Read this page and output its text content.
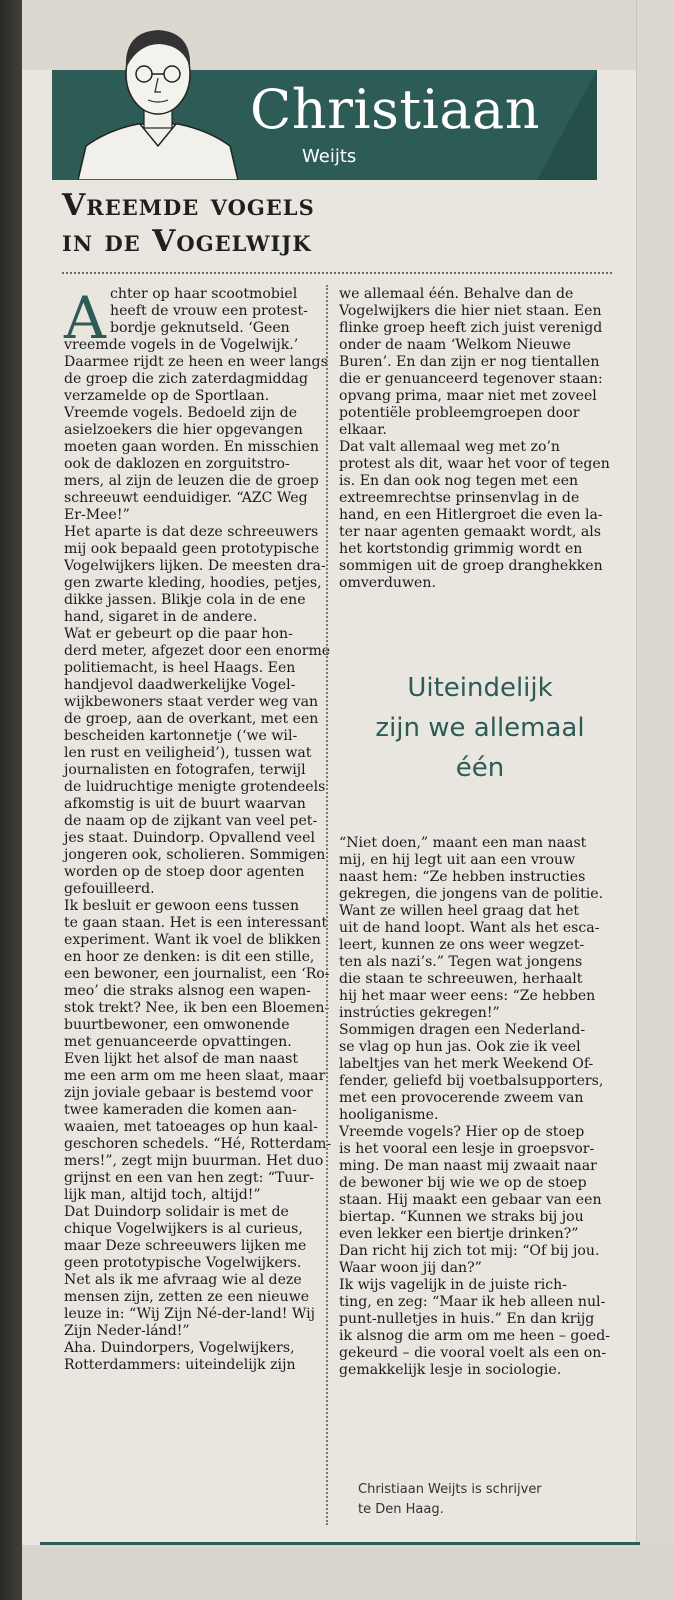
Christiaan
Weijts
Vreemde vogels
in de Vogelwijk
A chter op haar scootmobiel
heeft de vrouw een protest-
bordje geknutseld. ‘Geen
vreemde vogels in de Vogelwijk.’
Daarmee rijdt ze heen en weer langs
de groep die zich zaterdagmiddag
verzamelde op de Sportlaan.
Vreemde vogels. Bedoeld zijn de
asielzoekers die hier opgevangen
moeten gaan worden. En misschien
ook de daklozen en zorguitstro-
mers, al zijn de leuzen die de groep
schreeuwt eenduidiger. “AZC Weg
Er-Mee!”
Het aparte is dat deze schreeuwers
mij ook bepaald geen prototypische
Vogelwijkers lijken. De meesten dra-
gen zwarte kleding, hoodies, petjes,
dikke jassen. Blikje cola in de ene
hand, sigaret in de andere.
Wat er gebeurt op die paar hon-
derd meter, afgezet door een enorme
politiemacht, is heel Haags. Een
handjevol daadwerkelijke Vogel-
wijkbewoners staat verder weg van
de groep, aan de overkant, met een
bescheiden kartonnetje (‘we wil-
len rust en veiligheid’), tussen wat
journalisten en fotografen, terwijl
de luidruchtige menigte grotendeels
afkomstig is uit de buurt waarvan
de naam op de zijkant van veel pet-
jes staat. Duindorp. Opvallend veel
jongeren ook, scholieren. Sommigen
worden op de stoep door agenten
gefouilleerd.
Ik besluit er gewoon eens tussen
te gaan staan. Het is een interessant
experiment. Want ik voel de blikken
en hoor ze denken: is dit een stille,
een bewoner, een journalist, een ‘Ro-
meo’ die straks alsnog een wapen-
stok trekt? Nee, ik ben een Bloemen-
buurtbewoner, een omwonende
met genuanceerde opvattingen.
Even lijkt het alsof de man naast
me een arm om me heen slaat, maar
zijn joviale gebaar is bestemd voor
twee kameraden die komen aan-
waaien, met tatoeages op hun kaal-
geschoren schedels. “Hé, Rotterdam-
mers!”, zegt mijn buurman. Het duo
grijnst en een van hen zegt: “Tuur-
lijk man, altijd toch, altijd!”
Dat Duindorp solidair is met de
chique Vogelwijkers is al curieus,
maar Deze schreeuwers lijken me
geen prototypische Vogelwijkers.
Net als ik me afvraag wie al deze
mensen zijn, zetten ze een nieuwe
leuze in: “Wij Zijn Né-der-land! Wij
Zijn Neder-lánd!”
Aha. Duindorpers, Vogelwijkers,
Rotterdammers: uiteindelijk zijn
we allemaal één. Behalve dan de
Vogelwijkers die hier niet staan. Een
flinke groep heeft zich juist verenigd
onder de naam ‘Welkom Nieuwe
Buren’. En dan zijn er nog tientallen
die er genuanceerd tegenover staan:
opvang prima, maar niet met zoveel
potentiële probleemgroepen door
elkaar.
Dat valt allemaal weg met zo’n
protest als dit, waar het voor of tegen
is. En dan ook nog tegen met een
extreemrechtse prinsenvlag in de
hand, en een Hitlergroet die even la-
ter naar agenten gemaakt wordt, als
het kortstondig grimmig wordt en
sommigen uit de groep dranghekken
omverduwen.
Uiteindelijk
zijn we allemaal
één
“Niet doen,” maant een man naast
mij, en hij legt uit aan een vrouw
naast hem: “Ze hebben instructies
gekregen, die jongens van de politie.
Want ze willen heel graag dat het
uit de hand loopt. Want als het esca-
leert, kunnen ze ons weer wegzet-
ten als nazi’s.” Tegen wat jongens
die staan te schreeuwen, herhaalt
hij het maar weer eens: “Ze hebben
instrúcties gekregen!”
Sommigen dragen een Nederland-
se vlag op hun jas. Ook zie ik veel
labeltjes van het merk Weekend Of-
fender, geliefd bij voetbalsupporters,
met een provocerende zweem van
hooliganisme.
Vreemde vogels? Hier op de stoep
is het vooral een lesje in groepsvor-
ming. De man naast mij zwaait naar
de bewoner bij wie we op de stoep
staan. Hij maakt een gebaar van een
biertap. “Kunnen we straks bij jou
even lekker een biertje drinken?”
Dan richt hij zich tot mij: “Of bij jou.
Waar woon jij dan?”
Ik wijs vagelijk in de juiste rich-
ting, en zeg: “Maar ik heb alleen nul-
punt-nulletjes in huis.” En dan krijg
ik alsnog die arm om me heen – goed-
gekeurd – die vooral voelt als een on-
gemakkelijk lesje in sociologie.
Christiaan Weijts is schrijver
te Den Haag.
